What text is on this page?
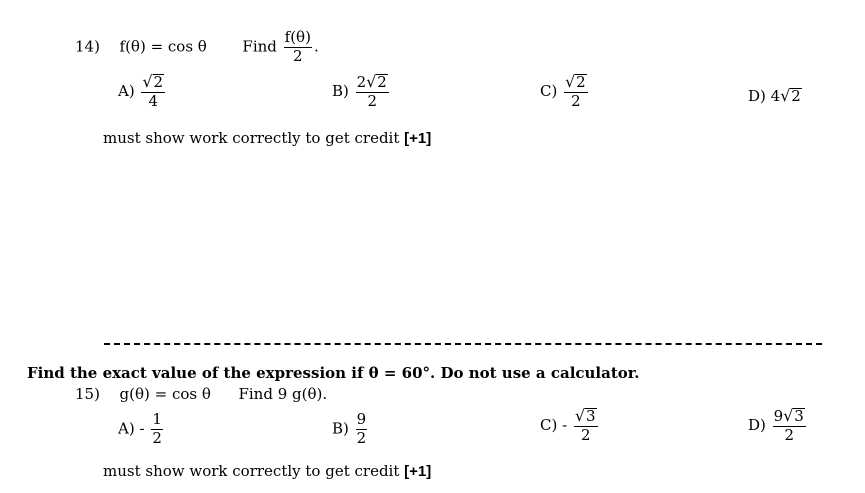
14) f(θ) = cos θ Find $\frac{f(\theta)}{2}$ .
$A) \frac{√2}{4}$	$B) \frac{2√2}{2}$	$C) \frac{√2}{2}$	D) 4√2
must show work correctly to get credit [+1]
Find the exact value of the expression if θ = 60°. Do not use a calculator.
15) g(θ) = cos θ Find 9 g(θ).
$A) - \frac{1}{2}$	$B) \frac{9}{2}$	$C) - \frac{√3}{2}$	$D) \frac{9√3}{2}$
must show work correctly to get credit [+1]
